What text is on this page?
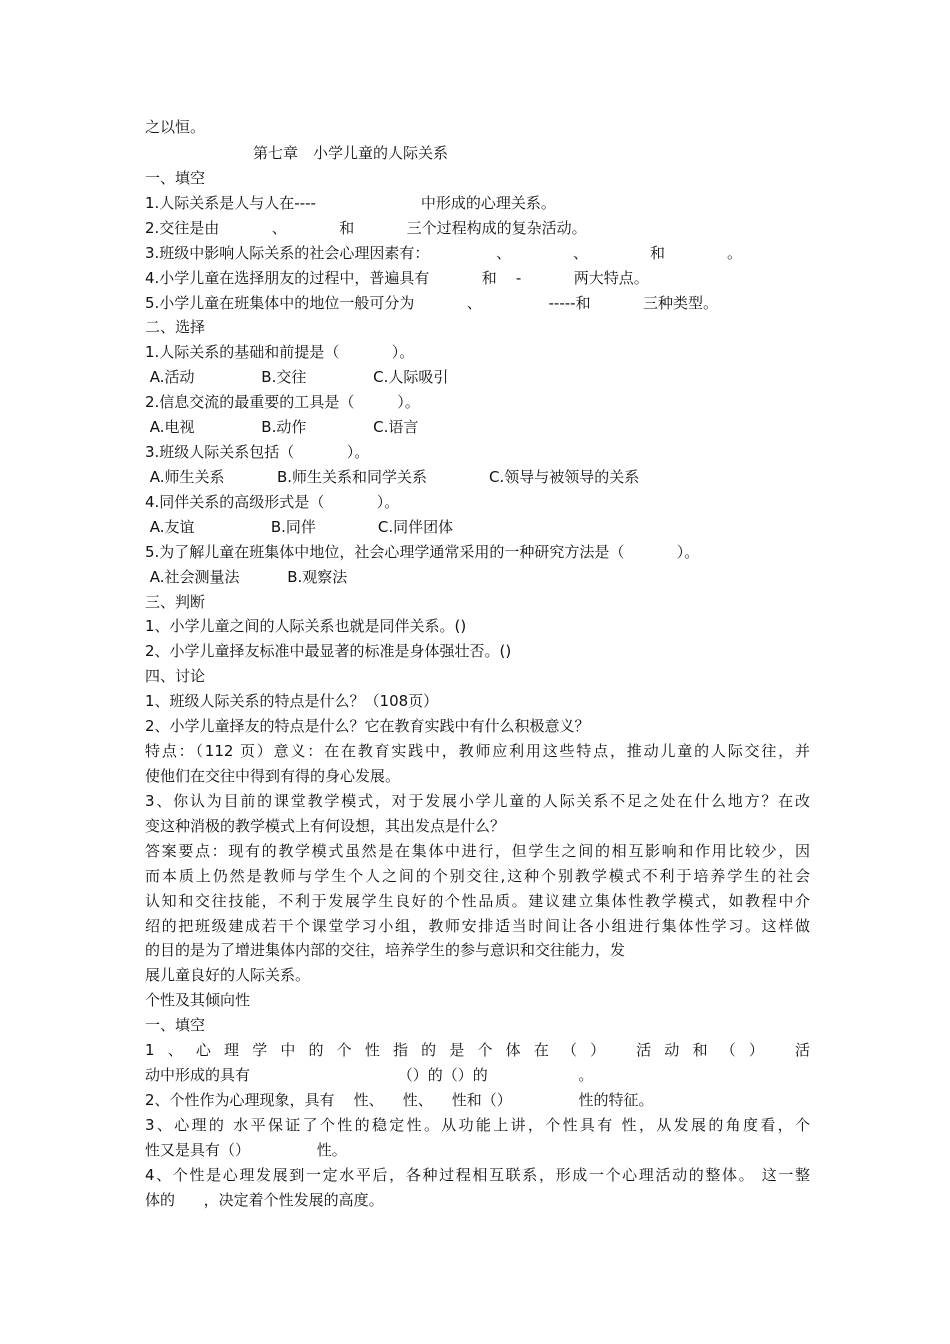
之以恒。
第七章　小学儿童的人际关系
一、填空
1.人际关系是人与人在----                      中形成的心理关系。
2.交往是由           、           和           三个过程构成的复杂活动。
3.班级中影响人际关系的社会心理因素有：              、             、             和             。
4.小学儿童在选择朋友的过程中，普遍具有           和    -           两大特点。
5.小学儿童在班集体中的地位一般可分为           、              -----和           三种类型。
二、选择
1.人际关系的基础和前提是（           ）。
A.活动              B.交往              C.人际吸引
2.信息交流的最重要的工具是（         ）。
A.电视              B.动作              C.语言
3.班级人际关系包括（           ）。
A.师生关系           B.师生关系和同学关系             C.领导与被领导的关系
4.同伴关系的高级形式是（           ）。
A.友谊                B.同伴             C.同伴团体
5.为了解儿童在班集体中地位，社会心理学通常采用的一种研究方法是（           ）。
A.社会测量法          B.观察法
三、判断
1、小学儿童之间的人际关系也就是同伴关系。()
2、小学儿童择友标准中最显著的标准是身体强壮否。()
四、讨论
1、班级人际关系的特点是什么？（108页）
2、小学儿童择友的特点是什么？它在教育实践中有什么积极意义？
特点：（112 页）意义：在在教育实践中，教师应利用这些特点，推动儿童的人际交往，并
使他们在交往中得到有得的身心发展。
3、你认为目前的课堂教学模式，对于发展小学儿童的人际关系不足之处在什么地方？在改
变这种消极的教学模式上有何设想，其出发点是什么？
答案要点：现有的教学模式虽然是在集体中进行，但学生之间的相互影响和作用比较少，因
而本质上仍然是教师与学生个人之间的个别交往,这种个别教学模式不利于培养学生的社会
认知和交往技能，不利于发展学生良好的个性品质。建议建立集体性教学模式，如教程中介
绍的把班级建成若干个课堂学习小组，教师安排适当时间让各小组进行集体性学习。这样做
的目的是为了增进集体内部的交往，培养学生的参与意识和交往能力，发
展儿童良好的人际关系。
个性及其倾向性
一、填空
1、心理学中的个性指的是个体在（） 活动和（） 活
动中形成的具有                               （）的（）的                   。
2、个性作为心理现象，具有    性、    性、    性和（）              性的特征。
3、心理的 水平保证了个性的稳定性。从功能上讲，个性具有 性，从发展的角度看，个
性又是具有（）              性。
4、个性是心理发展到一定水平后，各种过程相互联系，形成一个心理活动的整体。 这一整
体的      ，决定着个性发展的高度。
